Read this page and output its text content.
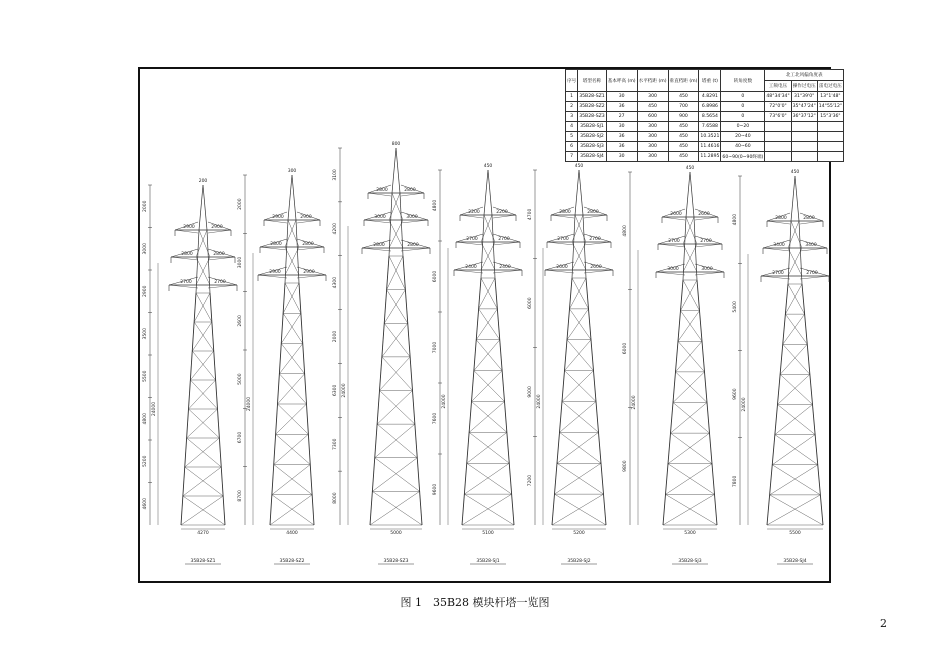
2900	2900
2800	2800
2700	2700
200
4270
2000
3000
2900
3500
5500
4800
5200
4600
24000
35B28-SZ1
2900	2900
2800	2800
2900	2900
300
4400
2000
3000
2600
5000
6700
8700
24000
35B28-SZ2
2800	2800
3000	3000
2800	2800
800
5000
3100
4200
4300
2000
6300
7300
8000
24000
35B28-SZ3
2200	2200
2700	2700
2400	2400
450
5100
4800
6000
7000
7600
9600
24000
35B28-SJ1
2800	2800
2700	2700
2600	2600
450
5200
4700
6000
9000
7200
24000
35B28-SJ2
2600	2600
2700	2700
3000	3000
450
5300
4800
6000
9800
24000
35B28-SJ3
2800	2800
3400	3400
2700	2700
450
5500
4800
5400
9600
7800
24000
35B28-SJ4
序号	塔型名称	基本呼高 (m)	水平档距 (m)	垂直档距 (m)	塔重 (t)	转角度数	北工北风偏角度表		
							工频电压	操作过电压	雷电过电压
1	35B28-SZ1	30	300	450	4.8291	0	48°34'34"	31°39'0"	13°1'48"
2	35B28-SZ2	36	450	700	6.8986	0	72°0'0"	35°47'24"	14°55'12"
3	35B28-SZ3	27	600	900	8.5654	0	73°6'0"	36°37'12"	15°3'36"
4	35B28-SJ1	30	300	450	7.6588	0~20			
5	35B28-SJ2	36	300	450	10.3521	20~40			
6	35B28-SJ3	36	300	450	11.4616	40~60			
7	35B28-SJ4	30	300	450	11.2895	60~90(0~90终端)			
图 1　35B28 模块杆塔一览图
2
